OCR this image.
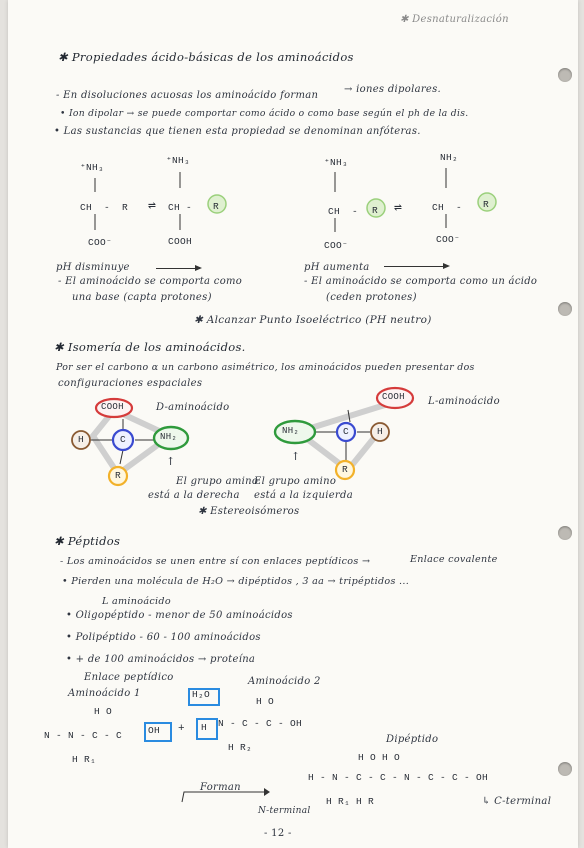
✱ Desnaturalización
✱ Propiedades ácido-básicas de los aminoácidos
- En disoluciones acuosas los aminoácido forman
→ iones dipolares.
• Ion dipolar → se puede comportar como ácido o como base según el ph de la dis.
• Las sustancias que tienen esta propiedad se denominan anfóteras.
⁺NH₃
⁺NH₃	⁺NH₃	NH₂
CH  - R ⇌ CH - R	CH  - R ⇌	CH  - R
COO⁻	COOH	COO⁻
COO⁻
pH disminuye
- El aminoácido se comporta como
una base (capta protones)
pH aumenta
- El aminoácido se comporta como un ácido
(ceden protones)
✱ Alcanzar Punto Isoeléctrico (PH neutro)
✱ Isomería de los aminoácidos.
Por ser el carbono α un carbono asimétrico, los aminoácidos pueden presentar dos
configuraciones espaciales
COOH
H	C	NH₂
R
D-aminoácido
COOH
NH₂	C	H
R
L-aminoácido
↑
El grupo amino
está a la derecha
↑
El grupo amino
está a la izquierda
✱ Estereoisómeros
✱ Péptidos
- Los aminoácidos se unen entre sí con enlaces peptídicos →	Enlace covalente
• Pierden una molécula de H₂O → dipéptidos , 3 aa → tripéptidos ...
L aminoácido
• Oligopéptido - menor de 50 aminoácidos
• Polipéptido - 60 - 100 aminoácidos
• + de 100 aminoácidos → proteína
Enlace peptídico
Aminoácido 1
Aminoácido 2
H₂O
H O
N - N - C - C
H R₁
OH + H
H O
N - C - C - OH
H R₂
Dipéptido
H O H O
H - N - C - C - N - C - C - OH
H R₁ H R
Forman
N-terminal
↳ C-terminal
- 12 -
